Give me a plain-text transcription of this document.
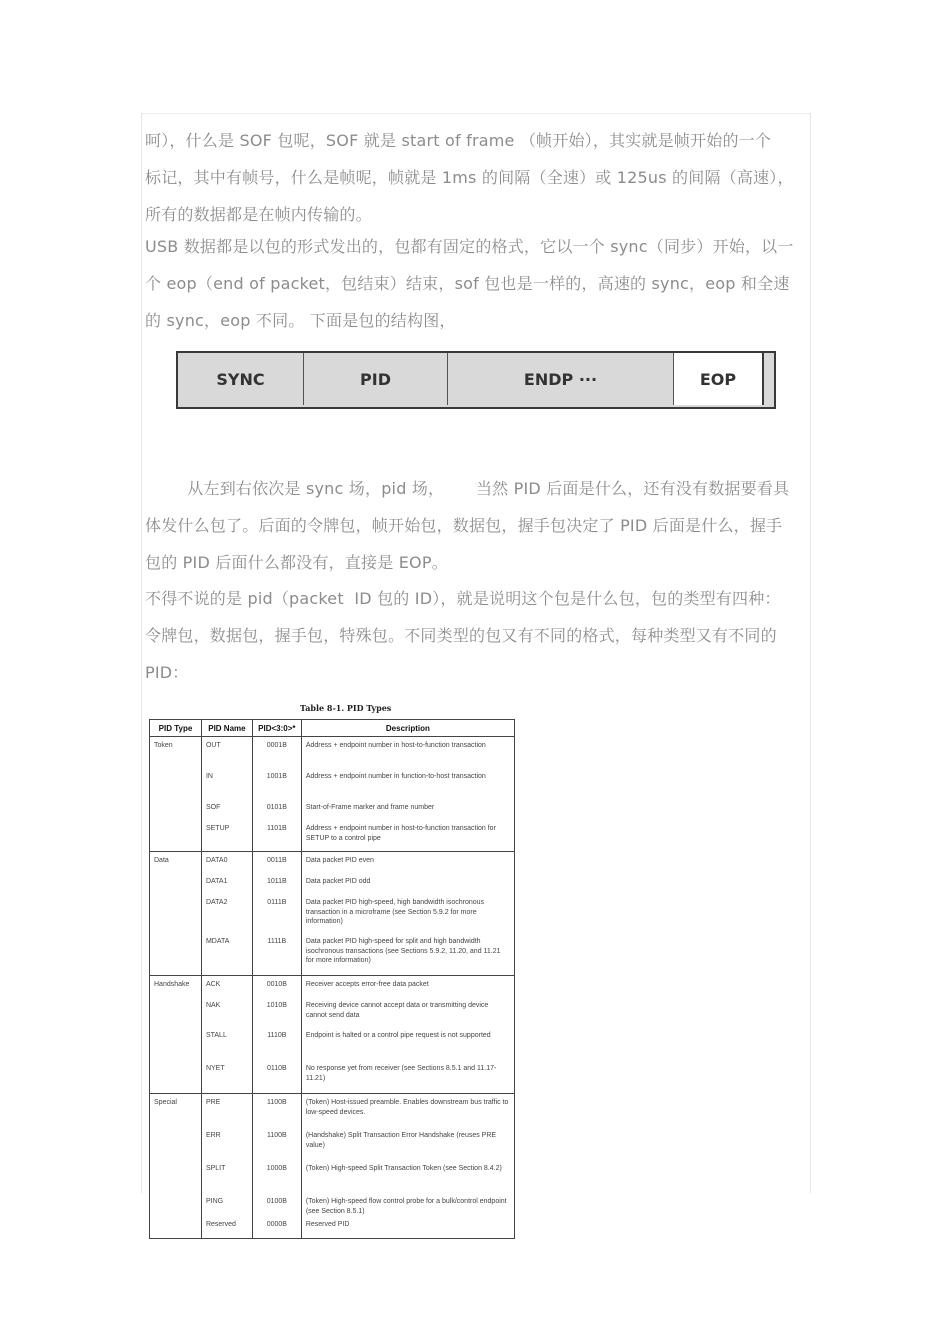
呵），什么是 SOF 包呢，SOF 就是 start of frame （帧开始），其实就是帧开始的一个
标记，其中有帧号，什么是帧呢，帧就是 1ms 的间隔（全速）或 125us 的间隔（高速），
所有的数据都是在帧内传输的。
USB 数据都是以包的形式发出的，包都有固定的格式，它以一个 sync（同步）开始，以一
个 eop（end of packet，包结束）结束，sof 包也是一样的，高速的 sync，eop 和全速
的 sync，eop 不同。 下面是包的结构图，
SYNC	PID	ENDP ···	EOP
从左到右依次是 sync 场，pid 场，      当然 PID 后面是什么，还有没有数据要看具
体发什么包了。后面的令牌包，帧开始包，数据包，握手包决定了 PID 后面是什么，握手
包的 PID 后面什么都没有，直接是 EOP。
不得不说的是 pid（packet  ID 包的 ID），就是说明这个包是什么包，包的类型有四种：
令牌包，数据包，握手包，特殊包。不同类型的包又有不同的格式，每种类型又有不同的
PID：
Table 8-1. PID Types
PID Type	PID Name	PID<3:0>*	Description

Token	OUT	0001B	Address + endpoint number in host-to-function transaction

	IN	1001B	Address + endpoint number in function-to-host transaction

	SOF	0101B	Start-of-Frame marker and frame number

	SETUP	1101B	Address + endpoint number in host-to-function transaction for SETUP to a control pipe

Data	DATA0	0011B	Data packet PID even

	DATA1	1011B	Data packet PID odd

	DATA2	0111B	Data packet PID high-speed, high bandwidth isochronous transaction in a microframe (see Section 5.9.2 for more information)

	MDATA	1111B	Data packet PID high-speed for split and high bandwidth isochronous transactions (see Sections 5.9.2, 11.20, and 11.21 for more information)

Handshake	ACK	0010B	Receiver accepts error-free data packet

	NAK	1010B	Receiving device cannot accept data or transmitting device cannot send data

	STALL	1110B	Endpoint is halted or a control pipe request is not supported

	NYET	0110B	No response yet from receiver (see Sections 8.5.1 and 11.17-11.21)

Special	PRE	1100B	(Token) Host-issued preamble. Enables downstream bus traffic to low-speed devices.

	ERR	1100B	(Handshake) Split Transaction Error Handshake (reuses PRE value)

	SPLIT	1000B	(Token) High-speed Split Transaction Token (see Section 8.4.2)

	PING	0100B	(Token) High-speed flow control probe for a bulk/control endpoint (see Section 8.5.1)

	Reserved	0000B	Reserved PID
